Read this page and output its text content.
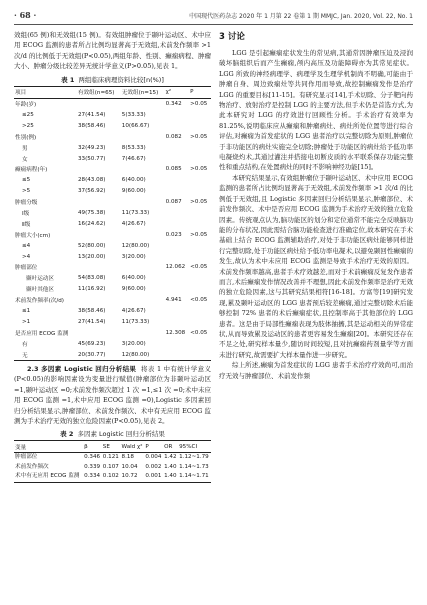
· 68 ·	中国现代医药杂志 2020 年 1 月第 22 卷第 1 期 MMJC, Jan. 2020, Vol. 22, No. 1

效组(65 例)和无效组(15 例)。有效组肿瘤位于颞叶运动区、术中应用 ECOG 监测的患者所占比例均显著高于无效组,术前发作频率 >1 次/d 的比例低于无效组(P<0.05),两组年龄、性别、癫痫病程、肿瘤大小、肿瘤分级比较差异无统计学意义(P>0.05),见表 1。

表 1 两组临床病理资料比较[n(%)]
项目	有效组(n=65)	无效组(n=15)	χ²	P
年龄(岁)			0.342	>0.05
≤25	27(41.54)	5(33.33)		
>25	38(58.46)	10(66.67)		
性别(例)			0.082	>0.05
男	32(49.23)	8(53.33)		
女	33(50.77)	7(46.67)		
癫痫病程(年)			0.085	>0.05
≤5	28(43.08)	6(40.00)		
>5	37(56.92)	9(60.00)		
肿瘤分级			0.087	>0.05
Ⅰ级	49(75.38)	11(73.33)		
Ⅱ级	16(24.62)	4(26.67)		
肿瘤大小(cm)			0.023	>0.05
≤4	52(80.00)	12(80.00)		
>4	13(20.00)	3(20.00)		
肿瘤部位			12.062	<0.05
颞叶运动区	54(83.08)	6(40.00)		
颞叶其他区	11(16.92)	9(60.00)		
术前发作频率(次/d)			4.941	<0.05
≤1	38(58.46)	4(26.67)		
>1	27(41.54)	11(73.33)		
是否应用 ECOG 监测			12.308	<0.05
有	45(69.23)	3(20.00)		
无	20(30.77)	12(80.00)		

2.3 多因素 Logistic 回归分析结果 将表 1 中有统计学意义(P<0.05)的影响因素设为变量进行赋值(肿瘤部位为非颞叶运动区 =1,颞叶运动区 =0;术前发作频次超过 1 次 =1,≤1 次 =0;术中未应用 ECOG 监测 =1,术中应用 ECOG 监测 =0),Logistic 多因素回归分析结果显示,肿瘤部位、术前发作频次、术中有无应用 ECOG 监测为手术治疗无效的独立危险因素(P<0.05),见表 2。

表 2 多因素 Logistic 回归分析结果
变量	β	SE	Wald χ²	P	OR	95%CI
肿瘤部位	0.346	0.121	8.18	0.004	1.42	1.12~1.79
术前发作频次	0.339	0.107	10.04	0.002	1.40	1.14~1.73
术中有无应用 ECOG 监测	0.334	0.102	10.72	0.001	1.40	1.14~1.71
3 讨论

LGG 是引起癫痫症状发生的常见病,其通常因肿瘤压迫及浸润破坏脑组织后而产生癫痫,颅内高压及功能障碍亦为其常见症状。LGG 所致的神经病理学、病理学及生理学机制尚不明确,可能由于肿瘤自身、周边致痫灶等共同作用而导致,故控制癫痫发作是治疗 LGG 的重要目标[11-15]。有研究显示[14],手术切除、分子靶向药物治疗、放射治疗是控制 LGG 的主要方法,但手术仍是首选方式,为此本研究对 LGG 的疗效进行回顾性分析。手术治疗有效率为 81.25%,说明临床应从癫痫和肿瘤病灶、病灶所处位置等进行综合评估,对癫痫为首发症状的 LGG 患者治疗以完整切除为原则,肿瘤位于非功能区的病灶实施完全切除;肿瘤处于功能区的病灶给予低功率电凝烧灼术,其通过灌注并搭接电切断皮质的水平联系保存功能完整性和重点结构,在处置病灶的同时不影响神经功能[15]。

本研究结果显示,有效组肿瘤位于颞叶运动区、术中应用 ECOG 监测的患者所占比例均显著高于无效组,术前发作频率 >1 次/d 的比例低于无效组,且 Logistic 多因素回归分析结果显示,肿瘤部位、术前发作频次、术中是否应用 ECOG 监测为手术治疗无效的独立危险因素。传统观点认为,脑功能区的划分和定位通常不能完全反映脑功能的分布状况,因此需结合脑功能检查进行准确定位,故本研究在手术基础上结合 ECOG 监测辅助治疗,对处于非功能区病灶能够同样进行完整切除,处于功能区病灶给予低功率电凝术,以避免颞回性癫痫的发生,故认为术中未应用 ECOG 监测是导致手术治疗无效的原因。术前发作频率越高,患者手术疗效越差,而对于术前癫痫反复发作患者而言,术后癫痫发作情况改善并不理想,因此术前发作频率是治疗无效的独立危险因素,这与其研究结果相符[16-18]。方富等[19]研究发现,累及颞叶运动区的 LGG 患者预后较差癫痫,通过完整切除术后能够控制 72% 患者的术后癫痫症状,且控制率高于其他部位的 LGG 患者。这是由于局部性癫痫表现为肢体抽搐,其是运动相关的异常症状,从而导致累及运动区的患者更容易发生癫痫[20]。本研究还存在不足之处,研究样本量少,随访时间较短,且对抗癫痫药剂量学等方面未进行研究,故需要扩大样本量作进一步研究。

综上所述,癫痫为首发症状的 LGG 患者手术治疗疗效尚可,而治疗无效与肿瘤部位、术前发作频
